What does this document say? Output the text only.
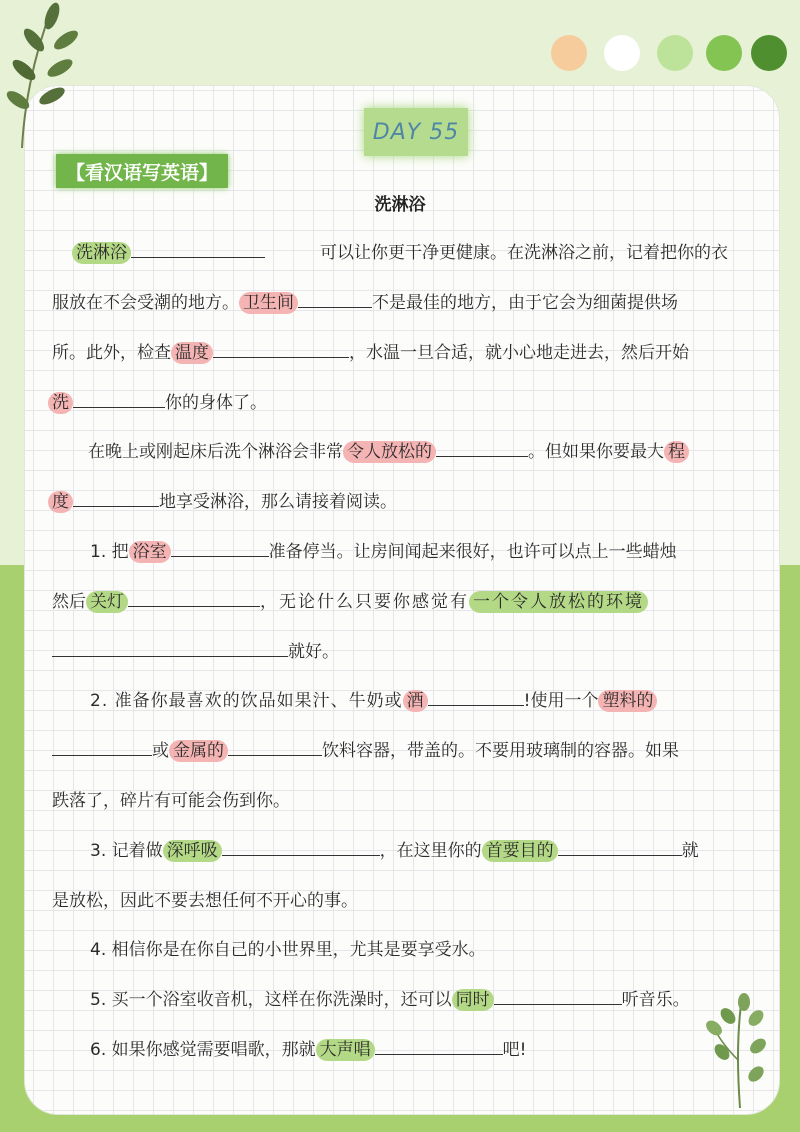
DAY 55
【看汉语写英语】
洗淋浴
洗淋浴	可以让你更干净更健康。在洗淋浴之前，记着把你的衣
服放在不会受潮的地方。 卫生间	不是最佳的地方，由于它会为细菌提供场
所。此外，检查 温度	，水温一旦合适，就小心地走进去，然后开始
洗	你的身体了。
在晚上或刚起床后洗个淋浴会非常 令人放松的	。但如果你要最大 程
度	地享受淋浴，那么请接着阅读。
1. 把 浴室	准备停当。让房间闻起来很好，也许可以点上一些蜡烛
然后 关灯	，无论什么只要你感觉有 一个令人放松的环境
就好。
2. 准备你最喜欢的饮品如果汁、牛奶或 酒	!使用一个 塑料的
或 金属的	饮料容器，带盖的。不要用玻璃制的容器。如果
跌落了，碎片有可能会伤到你。
3. 记着做 深呼吸	，在这里你的 首要目的	就
是放松，因此不要去想任何不开心的事。
4. 相信你是在你自己的小世界里，尤其是要享受水。
5. 买一个浴室收音机，这样在你洗澡时，还可以 同时	听音乐。
6. 如果你感觉需要唱歌，那就 大声唱	吧!
